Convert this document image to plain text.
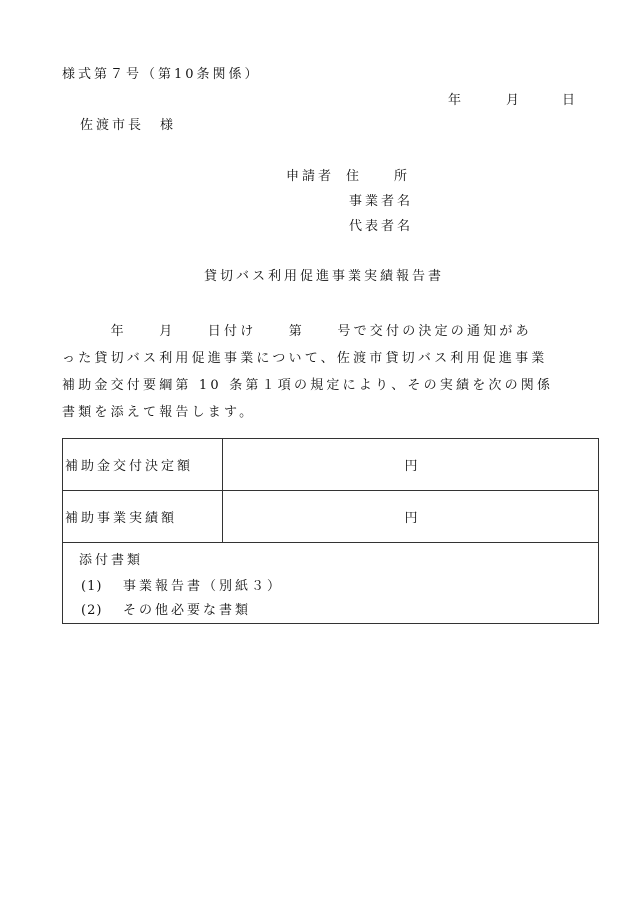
様式第７号（第10条関係）
年	月	日
佐渡市長　様
申請者 住　　所
事業者名
代表者名
貸切バス利用促進事業実績報告書
　　　年　　月　　日付け　　第　　号で交付の決定の通知があ
った貸切バス利用促進事業について、佐渡市貸切バス利用促進事業
補助金交付要綱第 10 条第１項の規定により、その実績を次の関係
書類を添えて報告します。
補助金交付決定額	円
補助事業実績額	円

添付書類
(1) 事業報告書（別紙３）
(2) その他必要な書類	
